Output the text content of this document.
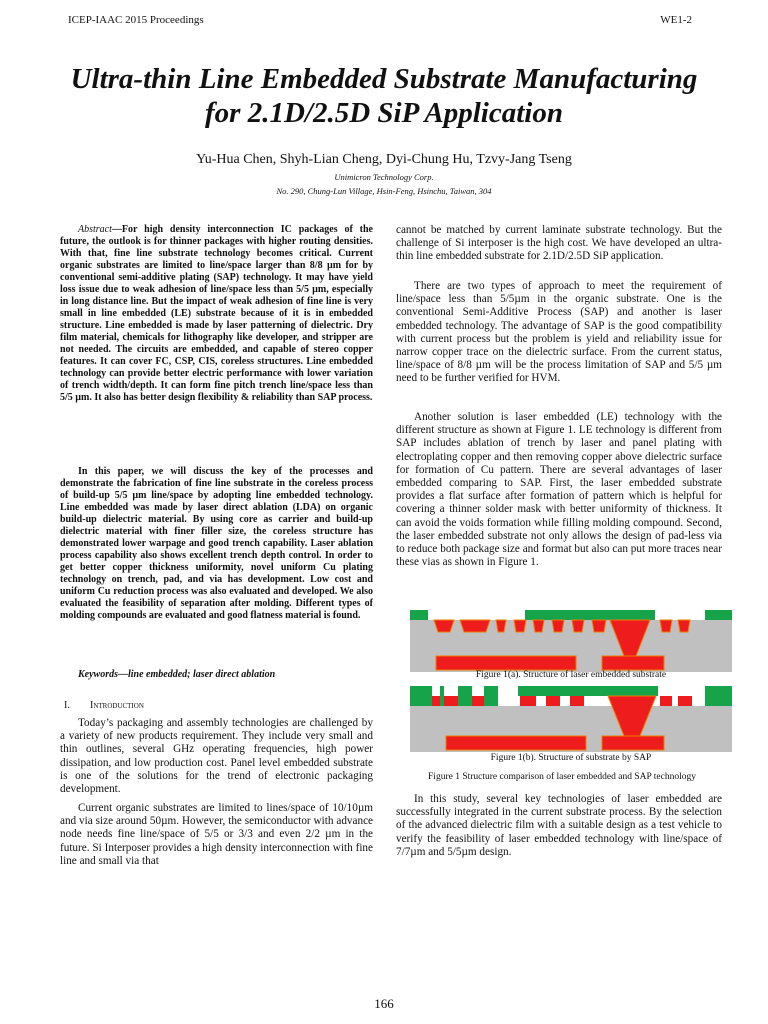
ICEP-IAAC 2015 Proceedings	WE1-2
Ultra-thin Line Embedded Substrate Manufacturing
for 2.1D/2.5D SiP Application
Yu-Hua Chen, Shyh-Lian Cheng, Dyi-Chung Hu, Tzvy-Jang Tseng
Unimicron Technology Corp.
No. 290, Chung-Lun Village, Hsin-Feng, Hsinchu, Taiwan, 304
Abstract—For high density interconnection IC packages of the future, the outlook is for thinner packages with higher routing densities. With that, fine line substrate technology becomes critical. Current organic substrates are limited to line/space larger than 8/8 µm for by conventional semi-additive plating (SAP) technology. It may have yield loss issue due to weak adhesion of line/space less than 5/5 µm, especially in long distance line. But the impact of weak adhesion of fine line is very small in line embedded (LE) substrate because of it is in embedded structure. Line embedded is made by laser patterning of dielectric. Dry film material, chemicals for lithography like developer, and stripper are not needed. The circuits are embedded, and capable of stereo copper features. It can cover FC, CSP, CIS, coreless structures. Line embedded technology can provide better electric performance with lower variation of trench width/depth. It can form fine pitch trench line/space less than 5/5 µm. It also has better design flexibility & reliability than SAP process.
In this paper, we will discuss the key of the processes and demonstrate the fabrication of fine line substrate in the coreless process of build-up 5/5 µm line/space by adopting line embedded technology. Line embedded was made by laser direct ablation (LDA) on organic build-up dielectric material. By using core as carrier and build-up dielectric material with finer filler size, the coreless structure has demonstrated lower warpage and good trench capability. Laser ablation process capability also shows excellent trench depth control. In order to get better copper thickness uniformity, novel uniform Cu plating technology on trench, pad, and via has development. Low cost and uniform Cu reduction process was also evaluated and developed. We also evaluated the feasibility of separation after molding. Different types of molding compounds are evaluated and good flatness material is found.
Keywords—line embedded; laser direct ablation
I. Introduction
Today’s packaging and assembly technologies are challenged by a variety of new products requirement. They include very small and thin outlines, several GHz operating frequencies, high power dissipation, and low production cost. Panel level embedded substrate is one of the solutions for the trend of electronic packaging development.
Current organic substrates are limited to lines/space of 10/10µm and via size around 50µm. However, the semiconductor with advance node needs fine line/space of 5/5 or 3/3 and even 2/2 µm in the future. Si Interposer provides a high density interconnection with fine line and small via that
cannot be matched by current laminate substrate technology. But the challenge of Si interposer is the high cost. We have developed an ultra-thin line embedded substrate for 2.1D/2.5D SiP application.
There are two types of approach to meet the requirement of line/space less than 5/5µm in the organic substrate. One is the conventional Semi-Additive Process (SAP) and another is laser embedded technology. The advantage of SAP is the good compatibility with current process but the problem is yield and reliability issue for narrow copper trace on the dielectric surface. From the current status, line/space of 8/8 µm will be the process limitation of SAP and 5/5 µm need to be further verified for HVM.
Another solution is laser embedded (LE) technology with the different structure as shown at Figure 1. LE technology is different from SAP includes ablation of trench by laser and panel plating with electroplating copper and then removing copper above dielectric surface for formation of Cu pattern. There are several advantages of laser embedded comparing to SAP. First, the laser embedded substrate provides a flat surface after formation of pattern which is helpful for covering a thinner solder mask with better uniformity of thickness. It can avoid the voids formation while filling molding compound. Second, the laser embedded substrate not only allows the design of pad-less via to reduce both package size and format but also can put more traces near these vias as shown in Figure 1.
Figure 1(a). Structure of laser embedded substrate
Figure 1(b). Structure of substrate by SAP
Figure 1 Structure comparison of laser embedded and SAP technology
In this study, several key technologies of laser embedded are successfully integrated in the current substrate process. By the selection of the advanced dielectric film with a suitable design as a test vehicle to verify the feasibility of laser embedded technology with line/space of 7/7µm and 5/5µm design.
166
